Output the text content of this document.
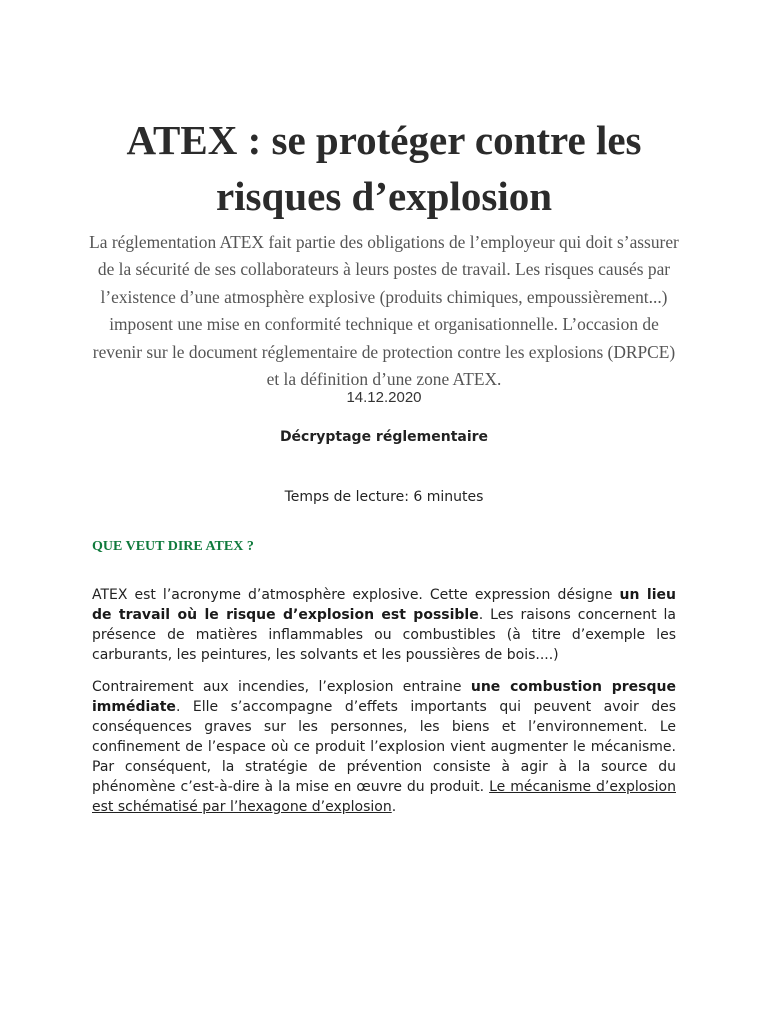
ATEX : se protéger contre les risques d’explosion

La réglementation ATEX fait partie des obligations de l’employeur qui doit s’assurer de la sécurité de ses collaborateurs à leurs postes de travail. Les risques causés par l’existence d’une atmosphère explosive (produits chimiques, empoussièrement...) imposent une mise en conformité technique et organisationnelle. L’occasion de revenir sur le document réglementaire de protection contre les explosions (DRPCE) et la définition d’une zone ATEX.

14.12.2020
Décryptage réglementaire
Temps de lecture: 6 minutes
QUE VEUT DIRE ATEX ?

ATEX est l’acronyme d’atmosphère explosive. Cette expression désigne un lieu de travail où le risque d’explosion est possible. Les raisons concernent la présence de matières inflammables ou combustibles (à titre d’exemple les carburants, les peintures, les solvants et les poussières de bois....)

Contrairement aux incendies, l’explosion entraine une combustion presque immédiate. Elle s’accompagne d’effets importants qui peuvent avoir des conséquences graves sur les personnes, les biens et l’environnement. Le confinement de l’espace où ce produit l’explosion vient augmenter le mécanisme. Par conséquent, la stratégie de prévention consiste à agir à la source du phénomène c’est-à-dire à la mise en œuvre du produit. Le mécanisme d’explosion est schématisé par l’hexagone d’explosion.
